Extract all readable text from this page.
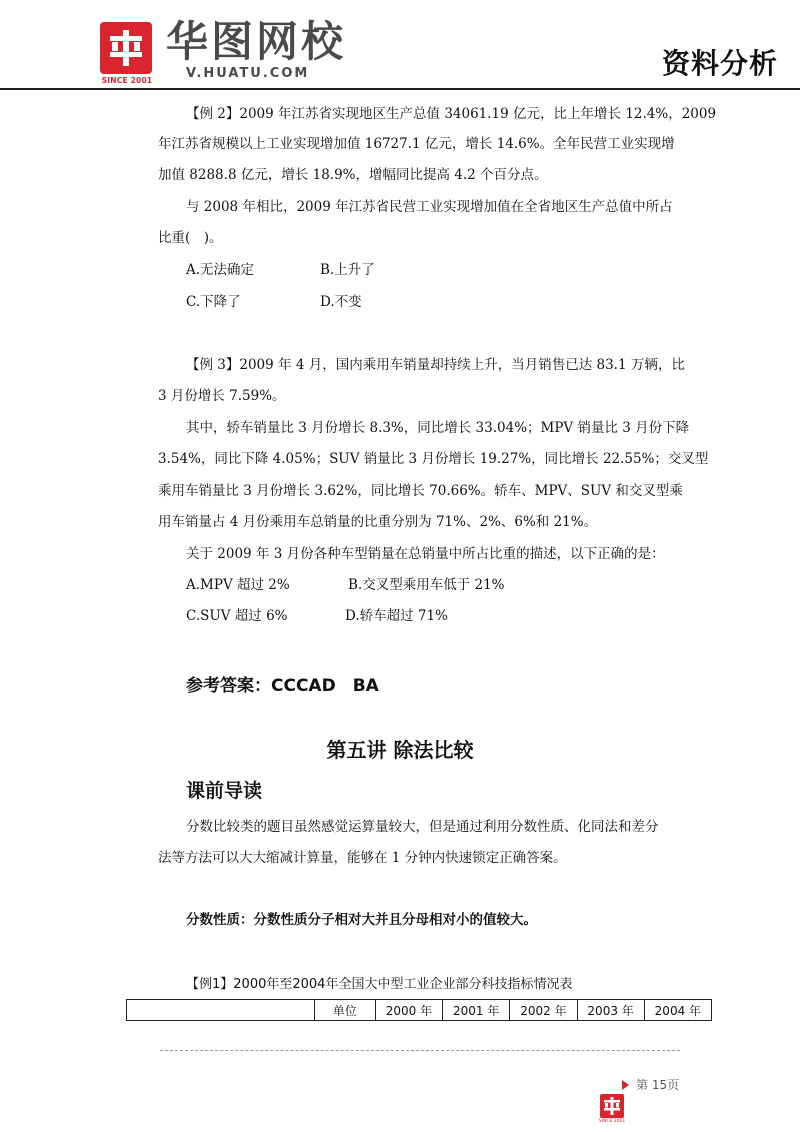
SINCE 2001
华图网校
V.HUATU.COM	资料分析
【例 2】2009 年江苏省实现地区生产总值 34061.19 亿元，比上年增长 12.4%，2009
年江苏省规模以上工业实现增加值 16727.1 亿元，增长 14.6%。全年民营工业实现增
加值 8288.8 亿元，增长 18.9%，增幅同比提高 4.2 个百分点。
与 2008 年相比，2009 年江苏省民营工业实现增加值在全省地区生产总值中所占
比重(　)。
A.无法确定	B.上升了
C.下降了	D.不变
【例 3】2009 年 4 月，国内乘用车销量却持续上升，当月销售已达 83.1 万辆，比
3 月份增长 7.59%。
其中，轿车销量比 3 月份增长 8.3%，同比增长 33.04%；MPV 销量比 3 月份下降
3.54%，同比下降 4.05%；SUV 销量比 3 月份增长 19.27%，同比增长 22.55%；交叉型
乘用车销量比 3 月份增长 3.62%，同比增长 70.66%。轿车、MPV、SUV 和交叉型乘
用车销量占 4 月份乘用车总销量的比重分别为 71%、2%、6%和 21%。
关于 2009 年 3 月份各种车型销量在总销量中所占比重的描述，以下正确的是：
A.MPV 超过 2%	B.交叉型乘用车低于 21%
C.SUV 超过 6%	D.轿车超过 71%
参考答案：CCCAD　BA
第五讲 除法比较
课前导读
分数比较类的题目虽然感觉运算量较大，但是通过利用分数性质、化同法和差分
法等方法可以大大缩减计算量，能够在 1 分钟内快速锁定正确答案。
分数性质：分数性质分子相对大并且分母相对小的值较大。
【例1】2000年至2004年全国大中型工业企业部分科技指标情况表
	单位	2000 年	2001 年	2002 年	2003 年	2004 年
第 15页
SINCE 2001
